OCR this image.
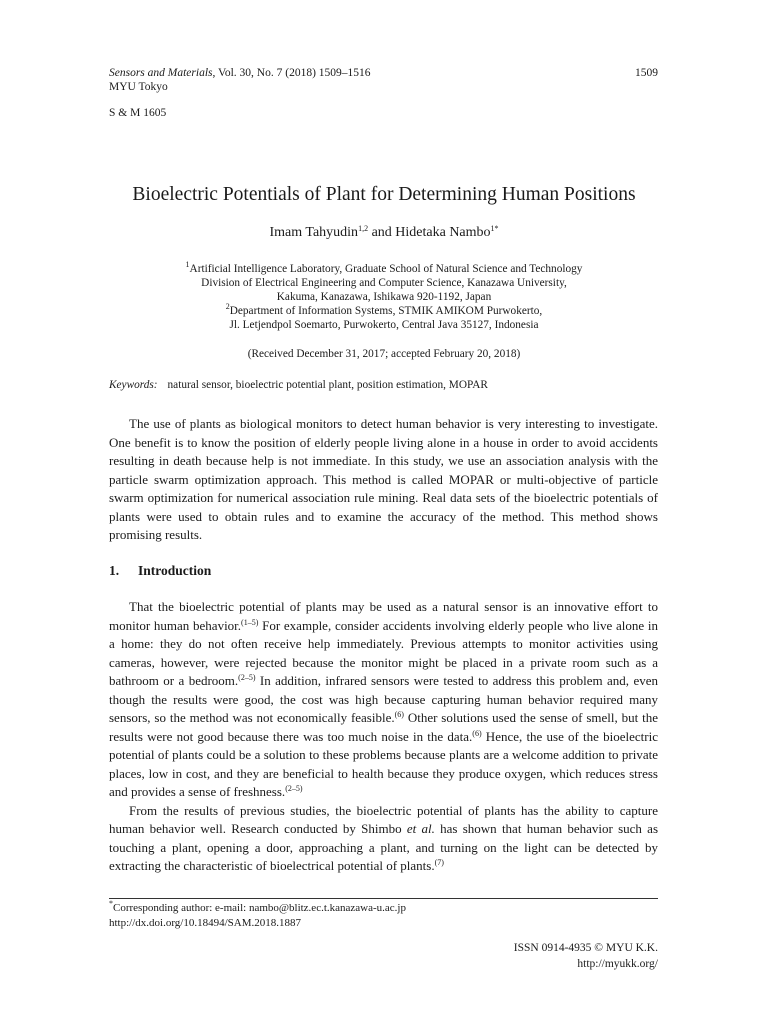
Sensors and Materials, Vol. 30, No. 7 (2018) 1509–1516
MYU Tokyo
1509
S & M 1605
Bioelectric Potentials of Plant for Determining Human Positions
Imam Tahyudin$^{1,2}$ and Hidetaka Nambo$^{1*}$
$^1$Artificial Intelligence Laboratory, Graduate School of Natural Science and Technology
Division of Electrical Engineering and Computer Science, Kanazawa University,
Kakuma, Kanazawa, Ishikawa 920-1192, Japan
$^2$Department of Information Systems, STMIK AMIKOM Purwokerto,
Jl. Letjendpol Soemarto, Purwokerto, Central Java 35127, Indonesia
(Received December 31, 2017; accepted February 20, 2018)
Keywords: natural sensor, bioelectric potential plant, position estimation, MOPAR

The use of plants as biological monitors to detect human behavior is very interesting to investigate. One benefit is to know the position of elderly people living alone in a house in order to avoid accidents resulting in death because help is not immediate. In this study, we use an association analysis with the particle swarm optimization approach. This method is called MOPAR or multi-objective of particle swarm optimization for numerical association rule mining. Real data sets of the bioelectric potentials of plants were used to obtain rules and to examine the accuracy of the method. This method shows promising results.

1. Introduction

That the bioelectric potential of plants may be used as a natural sensor is an innovative effort to monitor human behavior.$^{(1-5)}$ For example, consider accidents involving elderly people who live alone in a home: they do not often receive help immediately. Previous attempts to monitor activities using cameras, however, were rejected because the monitor might be placed in a private room such as a bathroom or a bedroom.$^{(2-5)}$ In addition, infrared sensors were tested to address this problem and, even though the results were good, the cost was high because capturing human behavior required many sensors, so the method was not economically feasible.$^{(6)}$ Other solutions used the sense of smell, but the results were not good because there was too much noise in the data.$^{(6)}$ Hence, the use of the bioelectric potential of plants could be a solution to these problems because plants are a welcome addition to private places, low in cost, and they are beneficial to health because they produce oxygen, which reduces stress and provides a sense of freshness.$^{(2-5)}$

From the results of previous studies, the bioelectric potential of plants has the ability to capture human behavior well. Research conducted by Shimbo et al. has shown that human behavior such as touching a plant, opening a door, approaching a plant, and turning on the light can be detected by extracting the characteristic of bioelectrical potential of plants.$^{(7)}$

*Corresponding author: e-mail: nambo@blitz.ec.t.kanazawa-u.ac.jp
http://dx.doi.org/10.18494/SAM.2018.1887
ISSN 0914-4935 © MYU K.K.
http://myukk.org/
